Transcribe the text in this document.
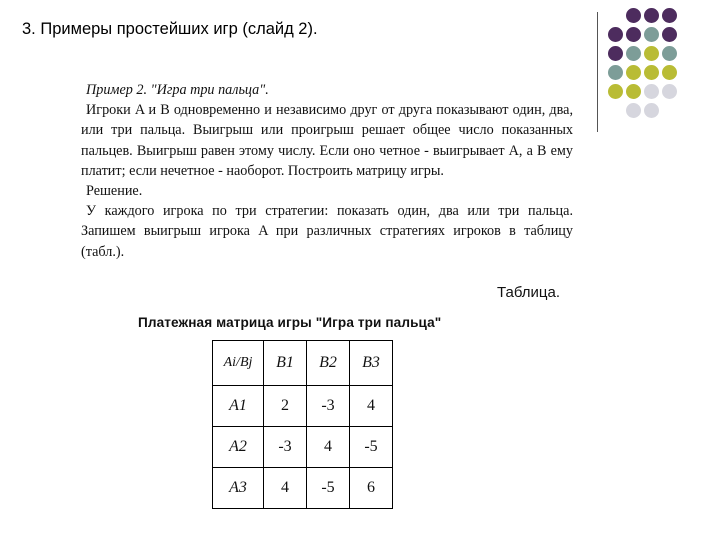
3. Примеры простейших игр (слайд 2).

Пример 2. "Игра три пальца".

Игроки A и B одновременно и независимо друг от друга показывают один, два, или три пальца. Выигрыш или проигрыш решает общее число показанных пальцев. Выигрыш равен этому числу. Если оно четное - выигрывает A, а B ему платит; если нечетное - наоборот. Построить матрицу игры.

Решение.

У каждого игрока по три стратегии: показать один, два или три пальца. Запишем выигрыш игрока A при различных стратегиях игроков в таблицу (табл.).

Таблица.
Платежная матрица игры "Игра три пальца"
Ai/Bj	B1	B2	B3
A1	2	-3	4
A2	-3	4	-5
A3	4	-5	6
